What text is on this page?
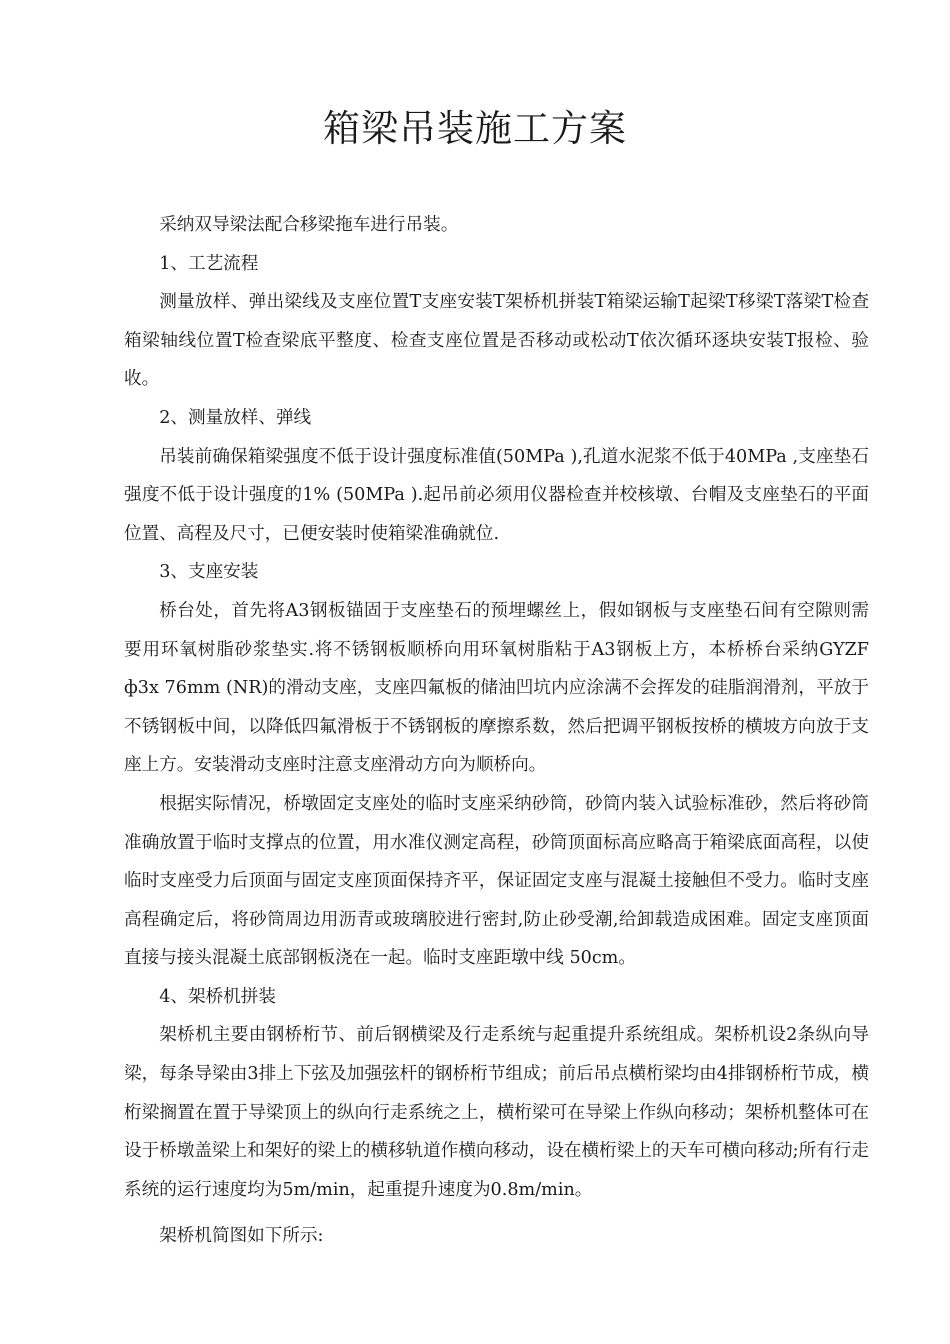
箱梁吊装施工方案

采纳双导梁法配合移梁拖车进行吊装。

1、工艺流程

测量放样、弹出梁线及支座位置T支座安装T架桥机拼装T箱梁运输T起梁T移梁T落梁T检查箱梁轴线位置T检查梁底平整度、检查支座位置是否移动或松动T依次循环逐块安装T报检、验收。

2、测量放样、弹线

吊装前确保箱梁强度不低于设计强度标准值(50MPa ),孔道水泥浆不低于40MPa ,支座垫石强度不低于设计强度的1% (50MPa ).起吊前必须用仪器检查并校核墩、台帽及支座垫石的平面位置、高程及尺寸，已便安装时使箱梁准确就位.

3、支座安装

桥台处，首先将A3钢板锚固于支座垫石的预埋螺丝上，假如钢板与支座垫石间有空隙则需要用环氧树脂砂浆垫实.将不锈钢板顺桥向用环氧树脂粘于A3钢板上方，本桥桥台采纳GYZF ф3x 76mm (NR)的滑动支座，支座四氟板的储油凹坑内应涂满不会挥发的硅脂润滑剂，平放于不锈钢板中间，以降低四氟滑板于不锈钢板的摩擦系数，然后把调平钢板按桥的横坡方向放于支座上方。安装滑动支座时注意支座滑动方向为顺桥向。

根据实际情况，桥墩固定支座处的临时支座采纳砂筒，砂筒内装入试验标准砂，然后将砂筒准确放置于临时支撑点的位置，用水准仪测定高程，砂筒顶面标高应略高于箱梁底面高程，以使临时支座受力后顶面与固定支座顶面保持齐平，保证固定支座与混凝土接触但不受力。临时支座高程确定后，将砂筒周边用沥青或玻璃胶进行密封,防止砂受潮,给卸载造成困难。固定支座顶面直接与接头混凝土底部钢板浇在一起。临时支座距墩中线 50cm。

4、架桥机拼装

架桥机主要由钢桥桁节、前后钢横梁及行走系统与起重提升系统组成。架桥机设2条纵向导梁，每条导梁由3排上下弦及加强弦杆的钢桥桁节组成；前后吊点横桁梁均由4排钢桥桁节成，横桁梁搁置在置于导梁顶上的纵向行走系统之上，横桁梁可在导梁上作纵向移动；架桥机整体可在设于桥墩盖梁上和架好的梁上的横移轨道作横向移动，设在横桁梁上的天车可横向移动;所有行走系统的运行速度均为5m/min，起重提升速度为0.8m/min。

架桥机简图如下所示:
